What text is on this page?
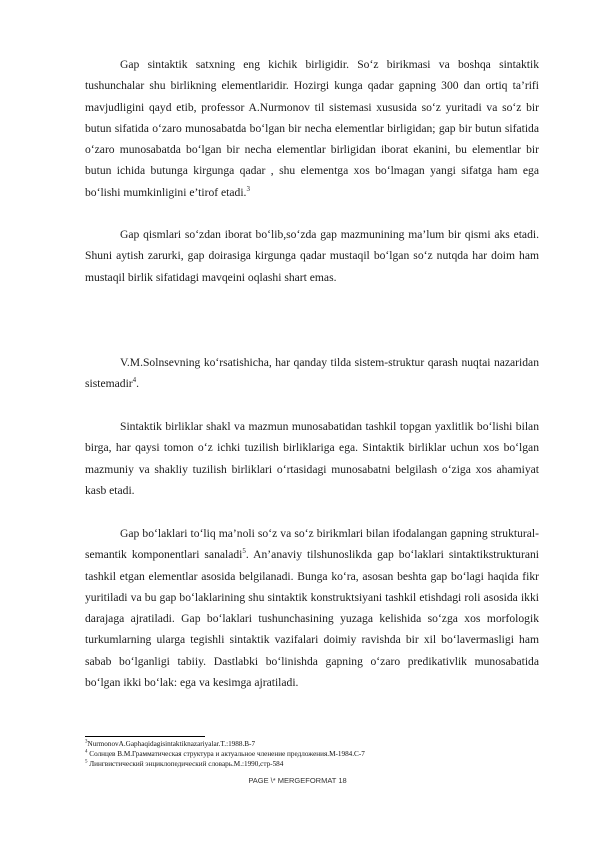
Gap sintaktik satxning eng kichik birligidir. So‘z birikmasi va boshqa sintaktik tushunchalar shu birlikning elementlaridir. Hozirgi kunga qadar gapning 300 dan ortiq ta’rifi mavjudligini qayd etib, professor A.Nurmonov til sistemasi xususida so‘z yuritadi va so‘z bir butun sifatida o‘zaro munosabatda bo‘lgan bir necha elementlar birligidan; gap bir butun sifatida o‘zaro munosabatda bo‘lgan bir necha elementlar birligidan iborat ekanini, bu elementlar bir butun ichida butunga kirgunga qadar , shu elementga xos bo‘lmagan yangi sifatga ham ega bo‘lishi mumkinligini e’tirof etadi.$^3$

Gap qismlari so‘zdan iborat bo‘lib,so‘zda gap mazmunining ma’lum bir qismi aks etadi. Shuni aytish zarurki, gap doirasiga kirgunga qadar mustaqil bo‘lgan so‘z nutqda har doim ham mustaqil birlik sifatidagi mavqeini oqlashi shart emas.

V.M.Solnsevning ko‘rsatishicha, har qanday tilda sistem-struktur qarash nuqtai nazaridan sistemadir$^4$.

Sintaktik birliklar shakl va mazmun munosabatidan tashkil topgan yaxlitlik bo‘lishi bilan birga, har qaysi tomon o‘z ichki tuzilish birliklariga ega. Sintaktik birliklar uchun xos bo‘lgan mazmuniy va shakliy tuzilish birliklari o‘rtasidagi munosabatni belgilash o‘ziga xos ahamiyat kasb etadi.

Gap bo‘laklari to‘liq ma’noli so‘z va so‘z birikmlari bilan ifodalangan gapning struktural-semantik komponentlari sanaladi$^5$. An’anaviy tilshunoslikda gap bo‘laklari sintaktikstrukturani tashkil etgan elementlar asosida belgilanadi. Bunga ko‘ra, asosan beshta gap bo‘lagi haqida fikr yuritiladi va bu gap bo‘laklarining shu sintaktik konstruktsiyani tashkil etishdagi roli asosida ikki darajaga ajratiladi. Gap bo‘laklari tushunchasining yuzaga kelishida so‘zga xos morfologik turkumlarning ularga tegishli sintaktik vazifalari doimiy ravishda bir xil bo‘lavermasligi ham sabab bo‘lganligi tabiiy. Dastlabki bo‘linishda gapning o‘zaro predikativlik munosabatida bo‘lgan ikki bo‘lak: ega va kesimga ajratiladi.

$^3$NurmonovA.Gaphaqidagisintaktiknazariyalar.T.:1988.B-7
$^4$ Солнцев В.М.Грамматическая структура и актуальное членение предложения.М-1984.С-7
$^5$ Лингвистический энциклопедический словарь.М.:1990,стр-584
PAGE \* MERGEFORMAT 18
